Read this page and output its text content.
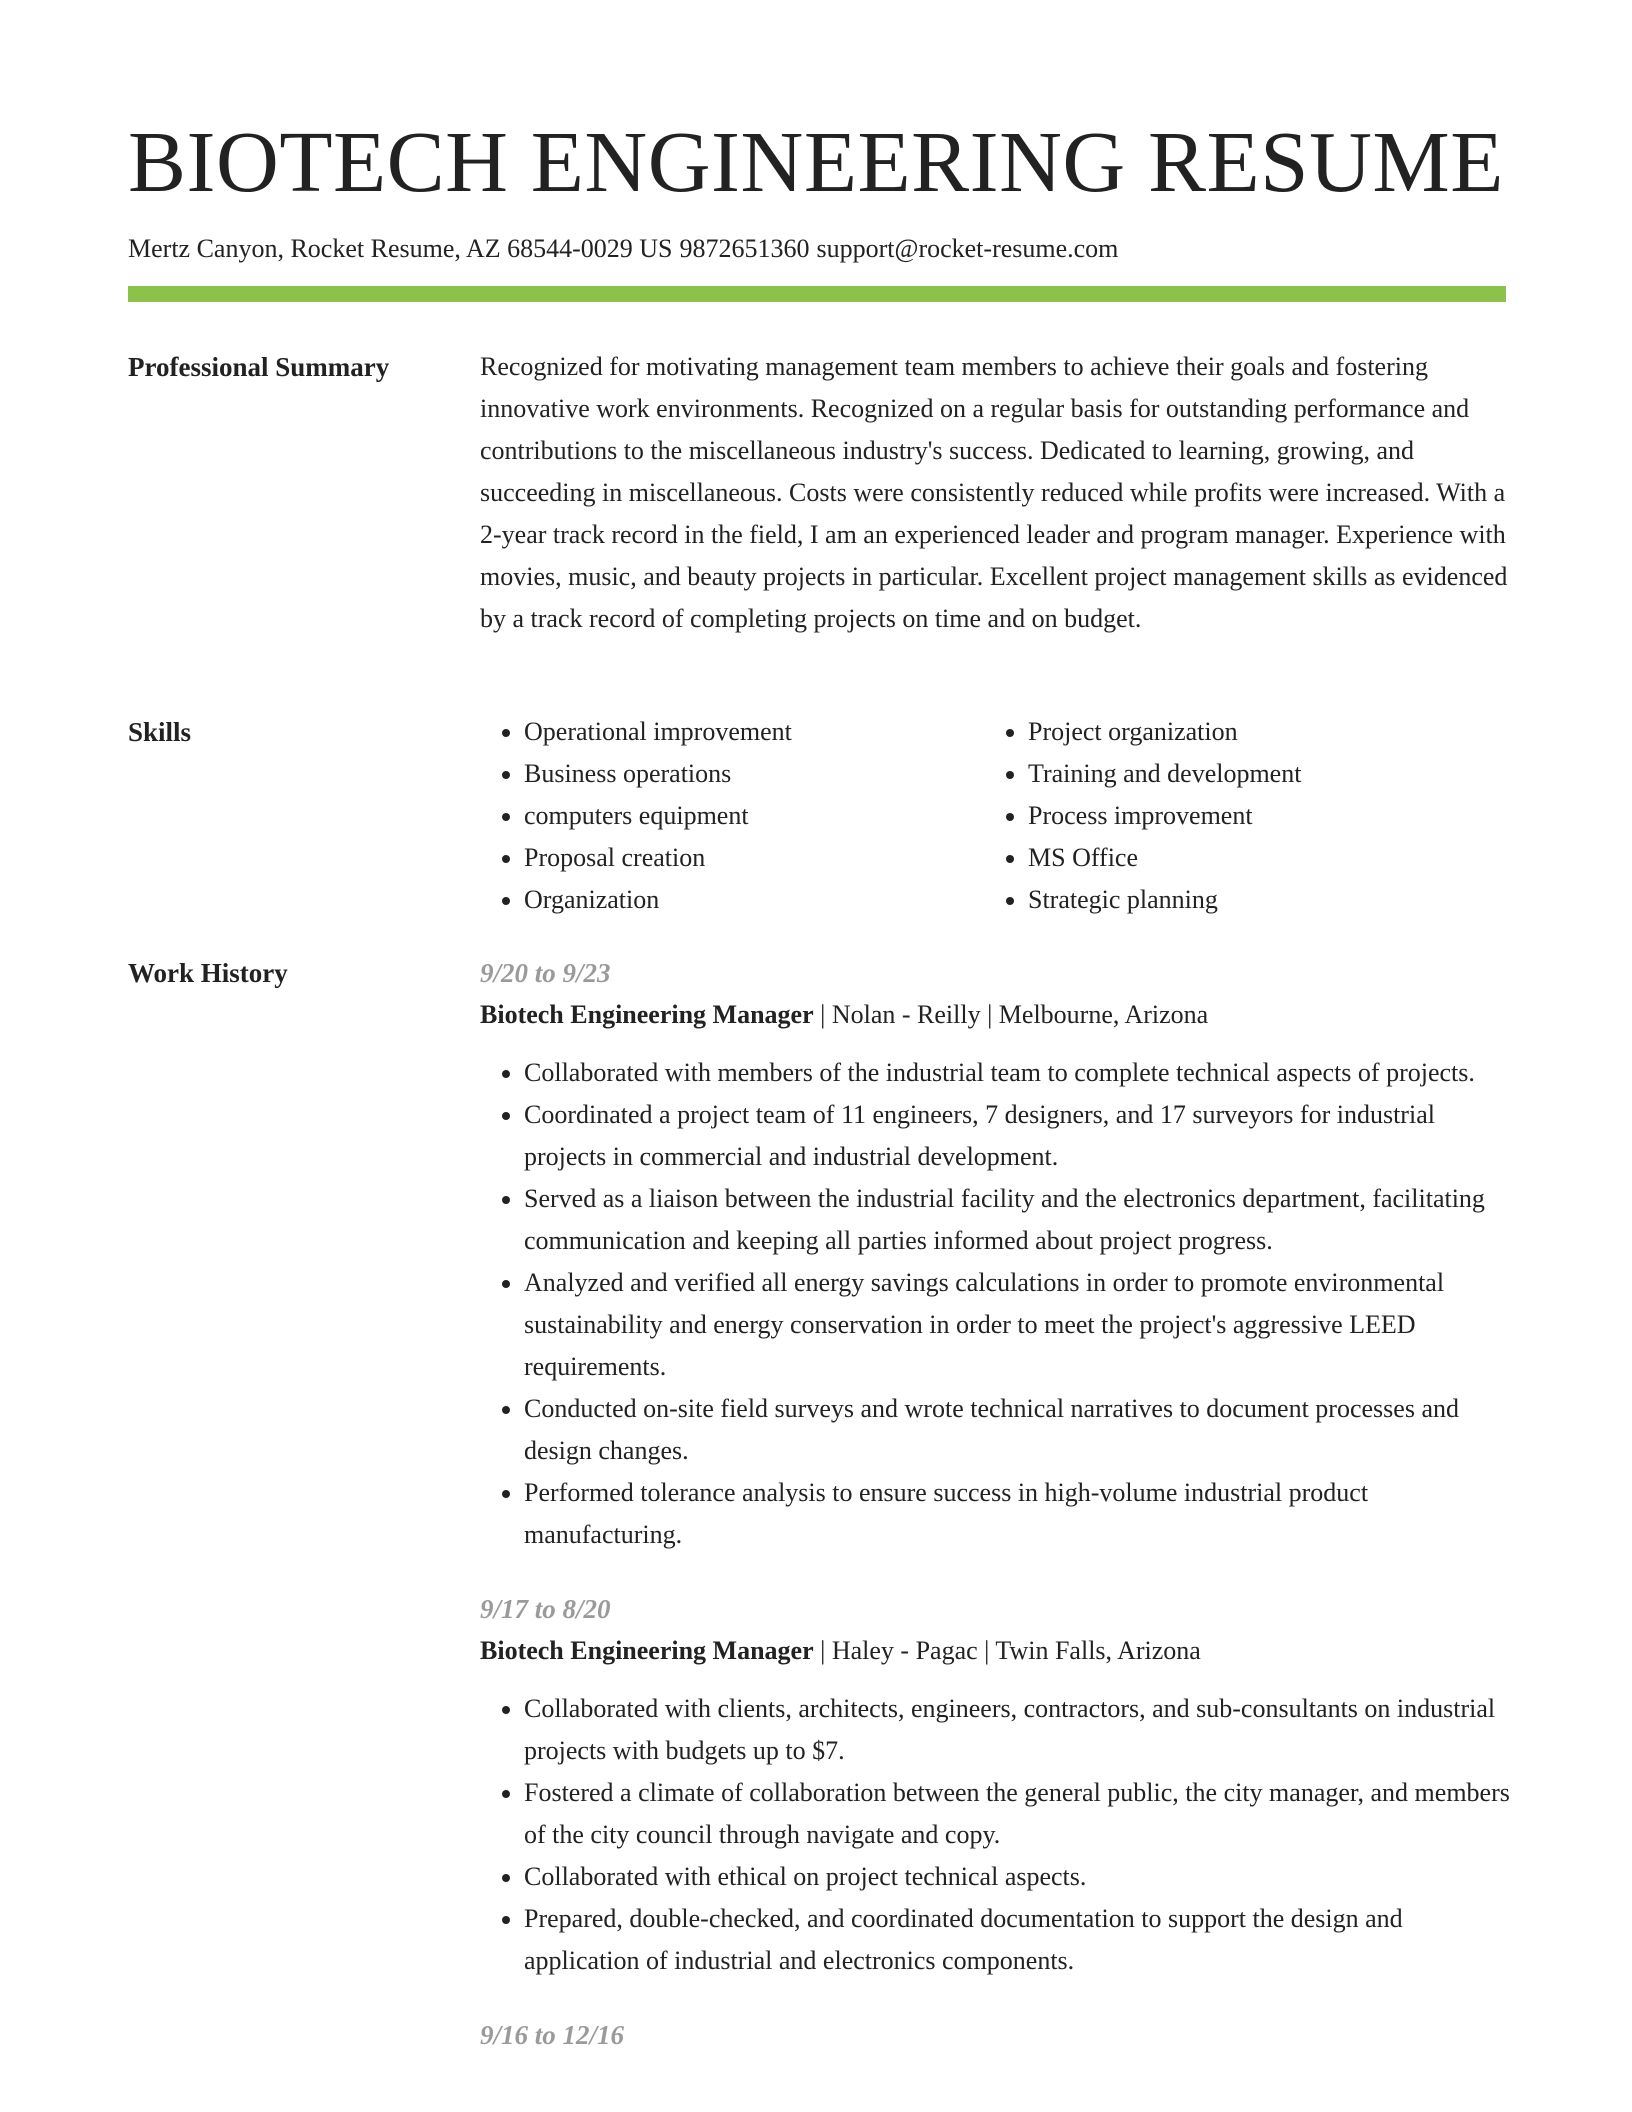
BIOTECH ENGINEERING RESUME
Mertz Canyon, Rocket Resume, AZ 68544-0029 US 9872651360 support@rocket-resume.com
Professional Summary	Recognized for motivating management team members to achieve their goals and fostering innovative work environments. Recognized on a regular basis for outstanding performance and contributions to the miscellaneous industry's success. Dedicated to learning, growing, and succeeding in miscellaneous. Costs were consistently reduced while profits were increased. With a 2-year track record in the field, I am an experienced leader and program manager. Experience with movies, music, and beauty projects in particular. Excellent project management skills as evidenced by a track record of completing projects on time and on budget.

Skills
•	Operational improvement
• Business operations
• computers equipment
• Proposal creation
• Organization
• Project organization
• Training and development
• Process improvement
• MS Office
• Strategic planning
Work History	9/20 to 9/23
Biotech Engineering Manager | Nolan - Reilly | Melbourne, Arizona
• Collaborated with members of the industrial team to complete technical aspects of projects.
• Coordinated a project team of 11 engineers, 7 designers, and 17 surveyors for industrial projects in commercial and industrial development.
• Served as a liaison between the industrial facility and the electronics department, facilitating communication and keeping all parties informed about project progress.
• Analyzed and verified all energy savings calculations in order to promote environmental sustainability and energy conservation in order to meet the project's aggressive LEED requirements.
• Conducted on-site field surveys and wrote technical narratives to document processes and design changes.
• Performed tolerance analysis to ensure success in high-volume industrial product manufacturing.
9/17 to 8/20
Biotech Engineering Manager | Haley - Pagac | Twin Falls, Arizona
• Collaborated with clients, architects, engineers, contractors, and sub-consultants on industrial projects with budgets up to $7.
• Fostered a climate of collaboration between the general public, the city manager, and members of the city council through navigate and copy.
• Collaborated with ethical on project technical aspects.
• Prepared, double-checked, and coordinated documentation to support the design and application of industrial and electronics components.
9/16 to 12/16
